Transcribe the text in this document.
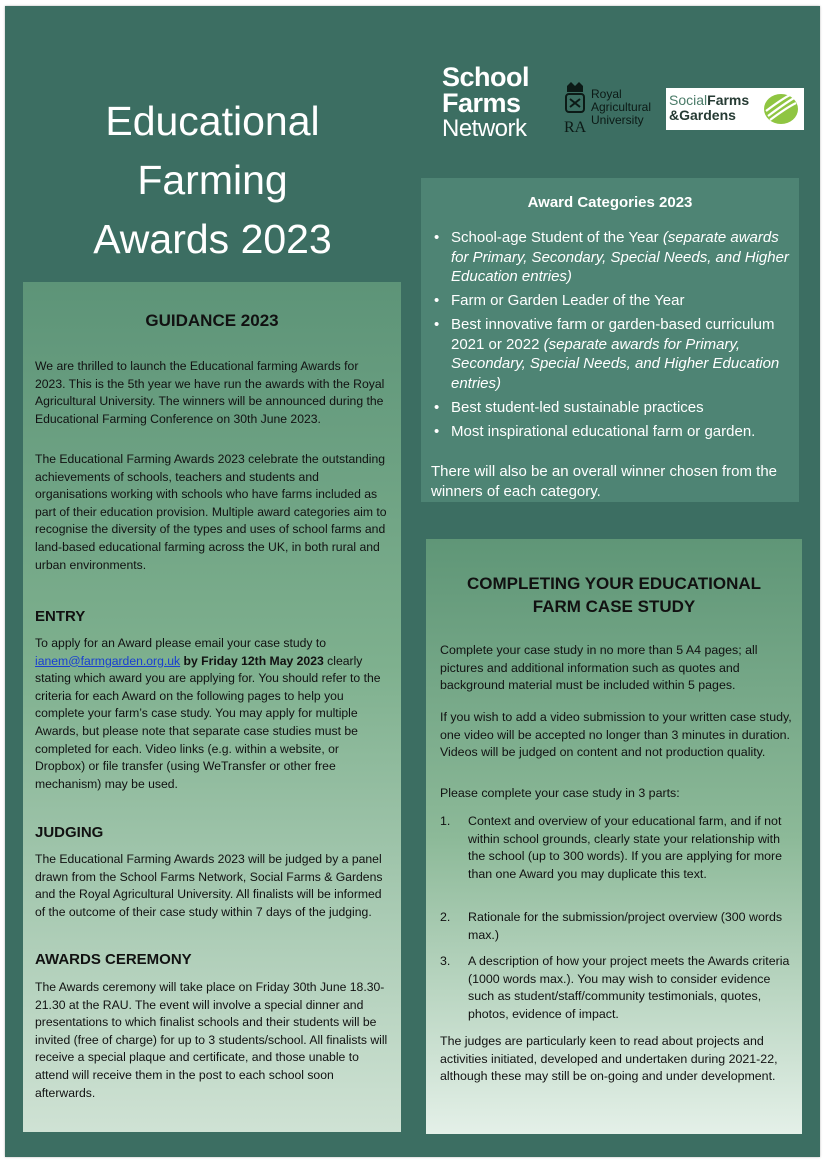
Educational
Farming
Awards 2023
School
Farms
Network RA
Royal
Agricultural
University
SocialFarms
&Gardens
GUIDANCE 2023
We are thrilled to launch the Educational farming Awards for 2023. This is the 5th year we have run the awards with the Royal Agricultural University. The winners will be announced during the Educational Farming Conference on 30th June 2023.
The Educational Farming Awards 2023 celebrate the outstanding achievements of schools, teachers and students and organisations working with schools who have farms included as part of their education provision. Multiple award categories aim to recognise the diversity of the types and uses of school farms and land-based educational farming across the UK, in both rural and urban environments.
ENTRY
To apply for an Award please email your case study to ianem@farmgarden.org.uk by Friday 12th May 2023 clearly stating which award you are applying for. You should refer to the criteria for each Award on the following pages to help you complete your farm’s case study. You may apply for multiple Awards, but please note that separate case studies must be completed for each. Video links (e.g. within a website, or Dropbox) or file transfer (using WeTransfer or other free mechanism) may be used.
JUDGING
The Educational Farming Awards 2023 will be judged by a panel drawn from the School Farms Network, Social Farms & Gardens and the Royal Agricultural University. All finalists will be informed of the outcome of their case study within 7 days of the judging.
AWARDS CEREMONY
The Awards ceremony will take place on Friday 30th June 18.30-21.30 at the RAU. The event will involve a special dinner and presentations to which finalist schools and their students will be invited (free of charge) for up to 3 students/school. All finalists will receive a special plaque and certificate, and those unable to attend will receive them in the post to each school soon afterwards.
Award Categories 2023
• School-age Student of the Year (separate awards for Primary, Secondary, Special Needs, and Higher Education entries)
• Farm or Garden Leader of the Year
• Best innovative farm or garden-based curriculum 2021 or 2022 (separate awards for Primary, Secondary, Special Needs, and Higher Education entries)
• Best student-led sustainable practices
• Most inspirational educational farm or garden.
There will also be an overall winner chosen from the winners of each category.
COMPLETING YOUR EDUCATIONAL
FARM CASE STUDY
Complete your case study in no more than 5 A4 pages; all pictures and additional information such as quotes and background material must be included within 5 pages.
If you wish to add a video submission to your written case study, one video will be accepted no longer than 3 minutes in duration. Videos will be judged on content and not production quality.
Please complete your case study in 3 parts:
1. Context and overview of your educational farm, and if not within school grounds, clearly state your relationship with the school (up to 300 words). If you are applying for more than one Award you may duplicate this text.
2. Rationale for the submission/project overview (300 words max.)
3. A description of how your project meets the Awards criteria (1000 words max.). You may wish to consider evidence such as student/staff/community testimonials, quotes, photos, evidence of impact.
The judges are particularly keen to read about projects and activities initiated, developed and undertaken during 2021-22, although these may still be on-going and under development.
